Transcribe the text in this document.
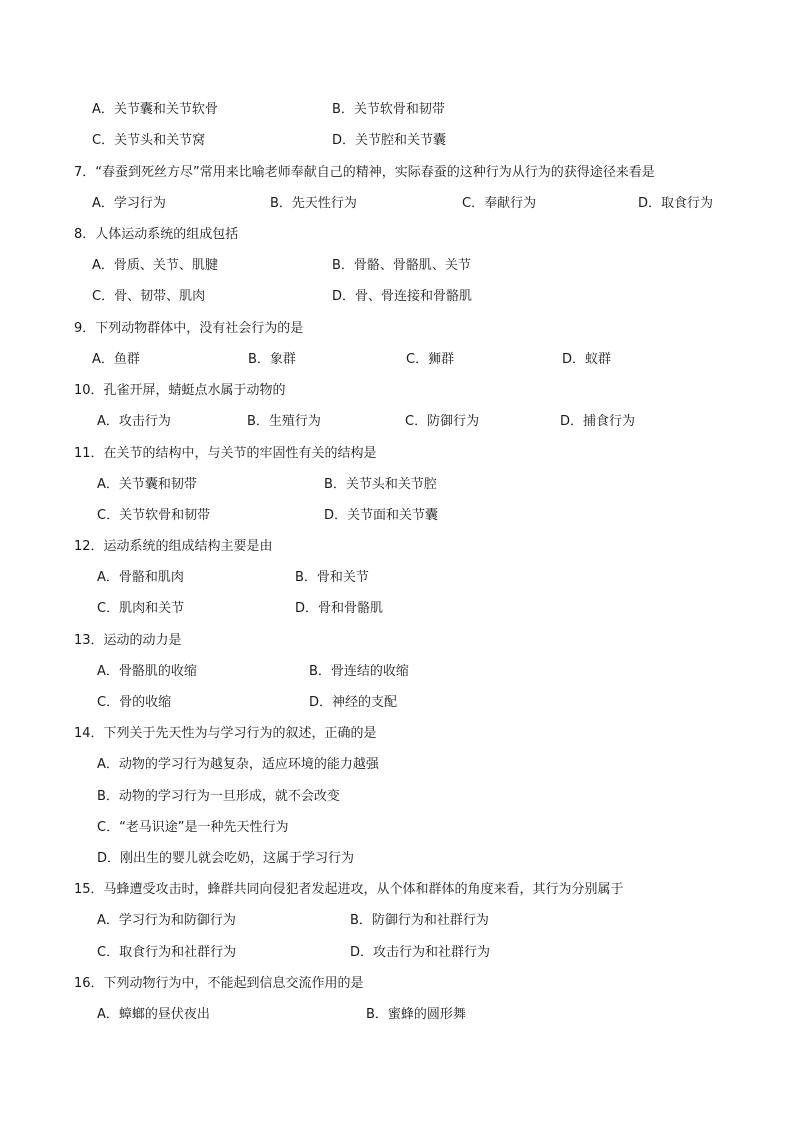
A．关节囊和关节软骨	B．关节软骨和韧带
C．关节头和关节窝	D．关节腔和关节囊
7．“春蚕到死丝方尽”常用来比喻老师奉献自己的精神，实际春蚕的这种行为从行为的获得途径来看是
A．学习行为	B．先天性行为	C．奉献行为	D．取食行为
8．人体运动系统的组成包括
A．骨质、关节、肌腱	B．骨骼、骨骼肌、关节
C．骨、韧带、肌肉	D．骨、骨连接和骨骼肌
9．下列动物群体中，没有社会行为的是
A．鱼群	B．象群	C．狮群	D．蚁群
10．孔雀开屏，蜻蜓点水属于动物的
A．攻击行为	B．生殖行为	C．防御行为	D．捕食行为
11．在关节的结构中，与关节的牢固性有关的结构是
A．关节囊和韧带	B．关节头和关节腔
C．关节软骨和韧带	D．关节面和关节囊
12．运动系统的组成结构主要是由
A．骨骼和肌肉	B．骨和关节
C．肌肉和关节	D．骨和骨骼肌
13．运动的动力是
A．骨骼肌的收缩	B．骨连结的收缩
C．骨的收缩	D．神经的支配
14．下列关于先天性为与学习行为的叙述，正确的是
A．动物的学习行为越复杂，适应环境的能力越强
B．动物的学习行为一旦形成，就不会改变
C．“老马识途”是一种先天性行为
D．刚出生的婴儿就会吃奶，这属于学习行为
15．马蜂遭受攻击时，蜂群共同向侵犯者发起进攻，从个体和群体的角度来看，其行为分别属于
A．学习行为和防御行为	B．防御行为和社群行为
C．取食行为和社群行为	D．攻击行为和社群行为
16．下列动物行为中，不能起到信息交流作用的是
A．蟑螂的昼伏夜出	B．蜜蜂的圆形舞
